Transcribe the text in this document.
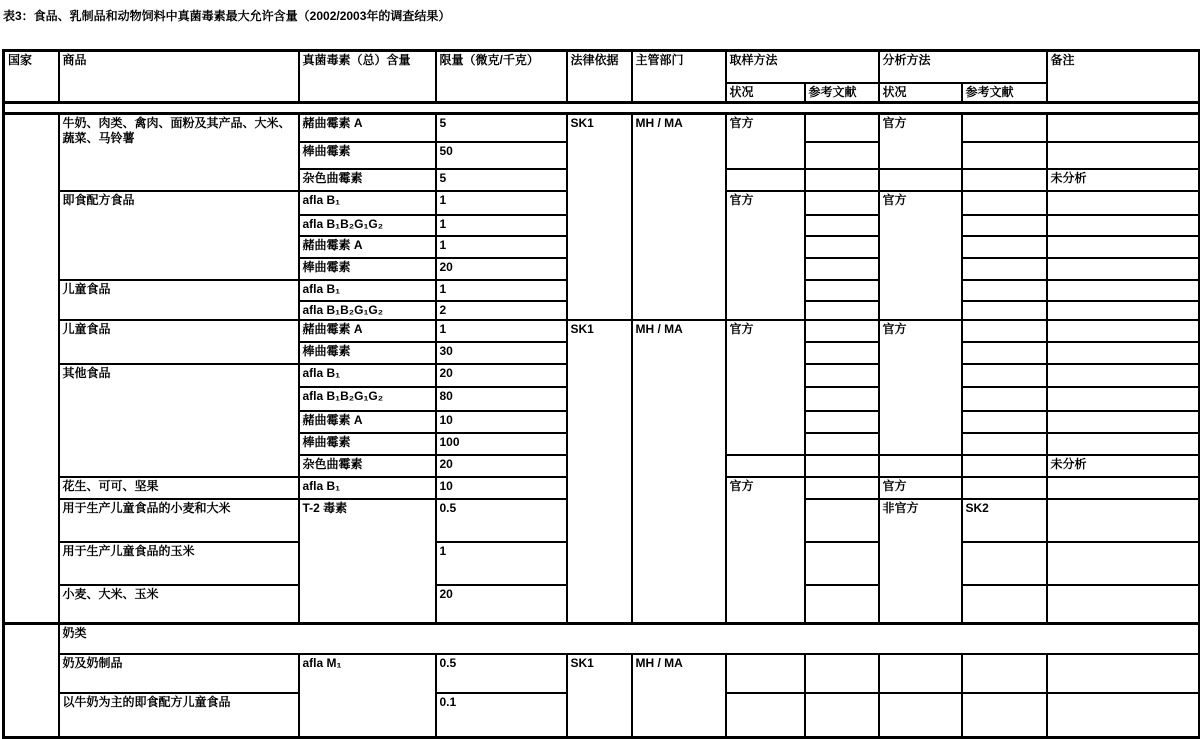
表3：食品、乳制品和动物饲料中真菌毒素最大允许含量（2002/2003年的调查结果）
国家	商品	真菌毒素（总）含量	限量（微克/千克）	法律依据	主管部门	取样方法		分析方法		备注
						状况	参考文献	状况	参考文献	

	牛奶、肉类、禽肉、面粉及其产品、大米、蔬菜、马铃薯	赭曲霉素 A	5	SK1	MH / MA	官方		官方		
		棒曲霉素	50							
		杂色曲霉素	5							未分析
	即食配方食品	afla B₁	1			官方		官方		
		afla B₁B₂G₁G₂	1							
		赭曲霉素 A	1							
		棒曲霉素	20							
	儿童食品	afla B₁	1							
		afla B₁B₂G₁G₂	2							
	儿童食品	赭曲霉素 A	1	SK1	MH / MA	官方		官方		
		棒曲霉素	30							
	其他食品	afla B₁	20							
		afla B₁B₂G₁G₂	80							
		赭曲霉素 A	10							
		棒曲霉素	100							
		杂色曲霉素	20							未分析
	花生、可可、坚果	afla B₁	10			官方		官方		
	用于生产儿童食品的小麦和大米	T-2 毒素	0.5					非官方	SK2	
	用于生产儿童食品的玉米		1							
	小麦、大米、玉米		20							
	奶类									
	奶及奶制品	afla M₁	0.5	SK1	MH / MA					
	以牛奶为主的即食配方儿童食品		0.1							
